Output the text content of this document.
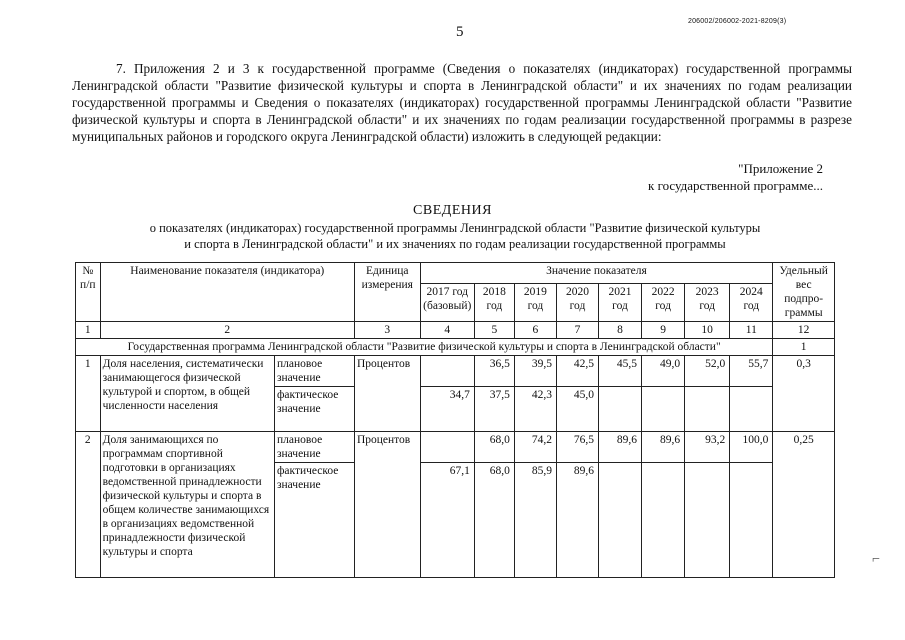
5
206002/206002-2021-8209(3)

7. Приложения 2 и 3 к государственной программе (Сведения о показателях (индикаторах) государственной программы Ленинградской области "Развитие физической культуры и спорта в Ленинградской области" и их значениях по годам реализации государственной программы и Сведения о показателях (индикаторах) государственной программы Ленинградской области "Развитие физической культуры и спорта в Ленинградской области" и их значениях по годам реализации государственной программы в разрезе муниципальных районов и городского округа Ленинградской области) изложить в следующей редакции:

"Приложение 2
к государственной программе...
СВЕДЕНИЯ
о показателях (индикаторах) государственной программы Ленинградской области "Развитие физической культуры
и спорта в Ленинградской области" и их значениях по годам реализации государственной программы
№ п/п	Наименование показателя (индикатора)		Единица измерения	Значение показателя								Удельный вес подпро-граммы
				2017 год (базовый)	2018 год	2019 год	2020 год	2021 год	2022 год	2023 год	2024 год	
1	2		3	4	5	6	7	8	9	10	11	12
Государственная программа Ленинградской области "Развитие физической культуры и спорта в Ленинградской области"												1
1	Доля населения, систематически занимающегося физической культурой и спортом, в общей численности населения	плановое значение	Процентов		36,5	39,5	42,5	45,5	49,0	52,0	55,7	0,3
		фактическое значение		34,7	37,5	42,3	45,0					
2	Доля занимающихся по программам спортивной подготовки в организациях ведомственной принадлежности физической культуры и спорта в общем количестве занимающихся в организациях ведомственной принадлежности физической культуры и спорта	плановое значение	Процентов		68,0	74,2	76,5	89,6	89,6	93,2	100,0	0,25
		фактическое значение		67,1	68,0	85,9	89,6					
⌐
